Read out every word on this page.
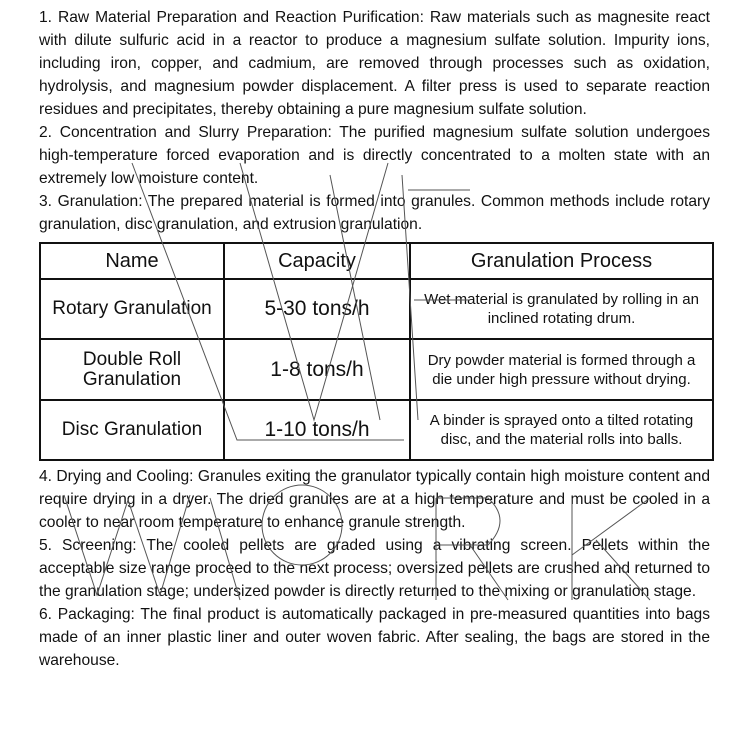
1. Raw Material Preparation and Reaction Purification: Raw materials such as magnesite react with dilute sulfuric acid in a reactor to produce a magnesium sulfate solution. Impurity ions, including iron, copper, and cadmium, are removed through processes such as oxidation, hydrolysis, and magnesium powder displacement. A filter press is used to separate reaction residues and precipitates, thereby obtaining a pure magnesium sulfate solution.

2. Concentration and Slurry Preparation: The purified magnesium sulfate solution undergoes high-temperature forced evaporation and is directly concentrated to a molten state with an extremely low moisture content.

3. Granulation: The prepared material is formed into granules. Common methods include rotary granulation, disc granulation, and extrusion granulation.

Name	Capacity	Granulation Process
Rotary Granulation	5-30 tons/h	Wet material is granulated by rolling in an inclined rotating drum.
Double Roll Granulation	1-8 tons/h	Dry powder material is formed through a die under high pressure without drying.
Disc Granulation	1-10 tons/h	A binder is sprayed onto a tilted rotating disc, and the material rolls into balls.

4. Drying and Cooling: Granules exiting the granulator typically contain high moisture content and require drying in a dryer. The dried granules are at a high temperature and must be cooled in a cooler to near room temperature to enhance granule strength.

5. Screening: The cooled pellets are graded using a vibrating screen. Pellets within the acceptable size range proceed to the next process; oversized pellets are crushed and returned to the granulation stage; undersized powder is directly returned to the mixing or granulation stage.

6. Packaging: The final product is automatically packaged in pre-measured quantities into bags made of an inner plastic liner and outer woven fabric. After sealing, the bags are stored in the warehouse.
